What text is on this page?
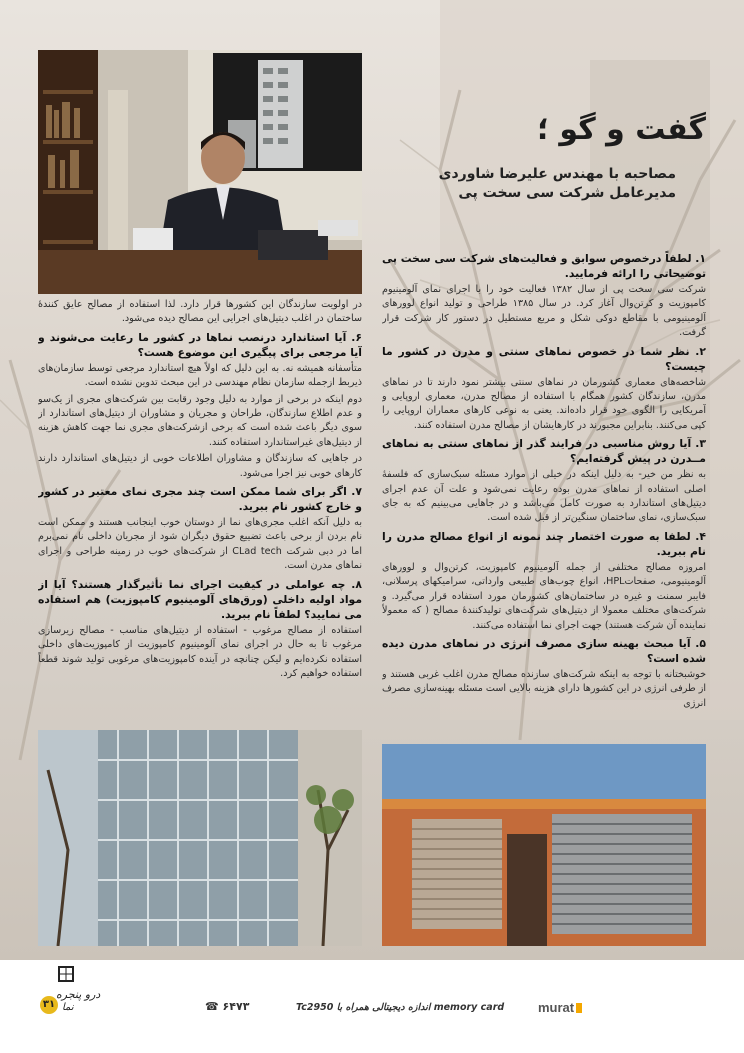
گفت و گو ؛
مصاحبه با مهندس علیرضا شاوردی
مدیرعامل شرکت سی سخت پی

۱. لطفاً درخصوص سوابق و فعالیت‌های شرکت سی سخت پی توضیحاتی را ارائه فرمایید.

شرکت سی سخت پی از سال ۱۳۸۲ فعالیت خود را با اجرای نمای آلومینیوم کامپوزیت و کرتن‌وال آغاز کرد. در سال ۱۳۸۵ طراحی و تولید انواع لوورهای آلومینیومی با مقاطع دوکی شکل و مربع مستطیل در دستور کار شرکت قرار گرفت.

۲. نظر شما در خصوص نماهای سنتی و مدرن در کشور ما چیست؟

شاخصه‌های معماری کشورمان در نماهای سنتی بیشتر نمود دارند تا در نماهای مدرن، سازندگان کشور همگام با استفاده از مصالح مدرن، معماری اروپایی و آمریکایی را الگوی خود قرار داده‌اند. یعنی به نوعی کارهای معماران اروپایی را کپی می‌کنند. بنابراین مجبورند در کارهایشان از مصالح مدرن استفاده کنند.

۳. آیا روش مناسبی در فرایند گذر از نماهای سنتی به نماهای مــدرن در پیش گرفته‌ایم؟

به نظر من خیر- به دلیل اینکه در خیلی از موارد مسئله سبک‌سازی که فلسفهٔ اصلی استفاده از نماهای مدرن بوده رعایت نمی‌شود و علت آن عدم اجرای دیتیل‌های استاندارد به صورت کامل می‌باشد و در جاهایی می‌بینیم که به جای سبک‌سازی، نمای ساختمان سنگین‌تر از قبل شده است.

۴. لطفا به صورت اختصار چند نمونه از انواع مصالح مدرن را نام ببرید.

امروزه مصالح مختلفی از جمله آلومینیوم کامپوزیت، کرتن‌وال و لوورهای آلومینیومی، صفحاتHPL، انواع چوب‌های طبیعی وارداتی، سرامیکهای پرسلانی، فایبر سمنت و غیره در ساختمان‌های کشورمان مورد استفاده قرار می‌گیرد. و شرکت‌های مختلف معمولا از دیتیل‌های شرکت‌های تولیدکنندهٔ مصالح ( که معمولاً نماینده آن شرکت هستند) جهت اجرای نما استفاده می‌کنند.

۵. آیا مبحث بهینه سازی مصرف انرژی در نماهای مدرن دیده شده است؟

خوشبختانه با توجه به اینکه شرکت‌های سازنده مصالح مدرن اغلب غربی هستند و از طرفی انرژی در این کشورها دارای هزینه بالایی است مسئله بهینه‌سازی مصرف انرژی

در اولویت سازندگان این کشورها قرار دارد. لذا استفاده از مصالح عایق کنندهٔ ساختمان در اغلب دیتیل‌های اجرایی این مصالح دیده می‌شود.

۶. آیا استاندارد درنصب نماها در کشور ما رعایت می‌شوند و آیا مرجعی برای پیگیری این موضوع هست؟

متأسفانه همیشه نه. به این دلیل که اولاً هیچ استاندارد مرجعی توسط سازمان‌های ذیربط ازجمله سازمان نظام مهندسی در این مبحث تدوین نشده است.

دوم اینکه در برخی از موارد به دلیل وجود رقابت بین شرکت‌های مجری از یک‌سو و عدم اطلاع سازندگان، طراحان و مجریان و مشاوران از دیتیل‌های استاندارد از سوی دیگر باعث شده است که برخی ازشرکت‌های مجری نما جهت کاهش هزینه از دیتیل‌های غیراستاندارد استفاده کنند.

در جاهایی که سازندگان و مشاوران اطلاعات خوبی از دیتیل‌های استاندارد دارند کارهای خوبی نیز اجرا می‌شود.

۷. اگر برای شما ممکن است چند مجری نمای معتبر در کشور و خارج کشور نام ببرید.

به دلیل آنکه اغلب مجری‌های نما از دوستان خوب اینجانب هستند و ممکن است نام بردن از برخی باعث تضییع حقوق دیگران شود از مجریان داخلی نام نمی‌برم اما در دبی شرکت CLad tech از شرکت‌های خوب در زمینه طراحی و اجرای نماهای مدرن است.

۸. چه عواملی در کیفیت اجرای نما تأثیرگذار هستند؟ آیا از مواد اولیه داخلی (ورق‌های آلومینیوم کامپوزیت) هم استفاده می نمایید؟ لطفاً نام ببرید.

استفاده از مصالح مرغوب - استفاده از دیتیل‌های مناسب - مصالح زیرسازی مرغوب تا به حال در اجرای نمای آلومینیوم کامپوزیت از کامپوزیت‌های داخلی استفاده نکرده‌ایم و لیکن چنانچه در آینده کامپوزیت‌های مرغوبی تولید شوند قطعاً استفاده خواهیم کرد.

murat
Tc2950 اندازه دیجیتالی همراه با memory card
☎ ۶۴۷۳
درو پنجره
نما
۳۱
